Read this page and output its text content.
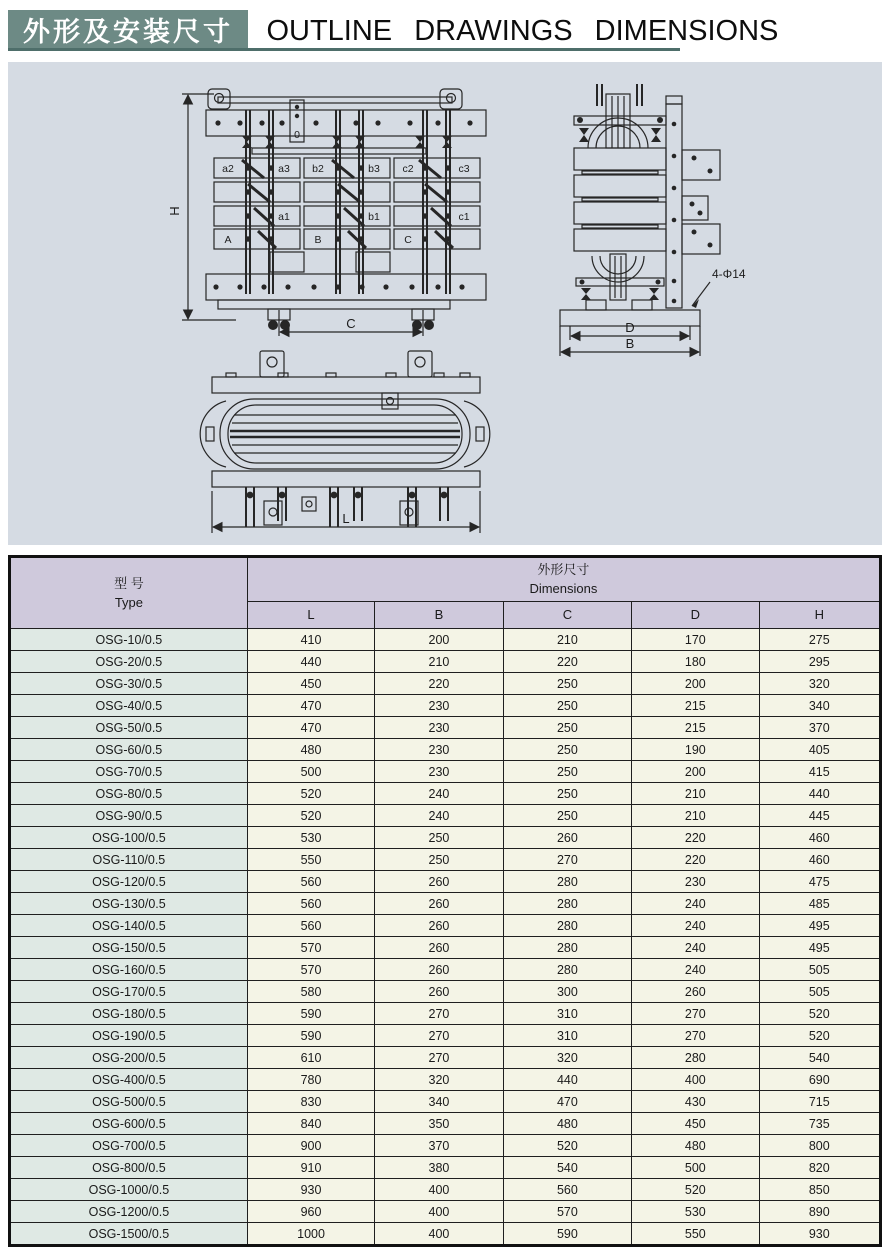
外形及安装尺寸 OUTLINE DRAWINGS DIMENSIONS
0
H
C
a2	a3 b2	b3 c2	c3
a1	b1	c1
A	B	C
4-Φ14
D
B
L
型 号
Type

外形尺寸
Dimensions

	L	B	C	D	H
OSG-10/0.5	410	200	210	170	275
OSG-20/0.5	440	210	220	180	295
OSG-30/0.5	450	220	250	200	320
OSG-40/0.5	470	230	250	215	340
OSG-50/0.5	470	230	250	215	370
OSG-60/0.5	480	230	250	190	405
OSG-70/0.5	500	230	250	200	415
OSG-80/0.5	520	240	250	210	440
OSG-90/0.5	520	240	250	210	445
OSG-100/0.5	530	250	260	220	460
OSG-110/0.5	550	250	270	220	460
OSG-120/0.5	560	260	280	230	475
OSG-130/0.5	560	260	280	240	485
OSG-140/0.5	560	260	280	240	495
OSG-150/0.5	570	260	280	240	495
OSG-160/0.5	570	260	280	240	505
OSG-170/0.5	580	260	300	260	505
OSG-180/0.5	590	270	310	270	520
OSG-190/0.5	590	270	310	270	520
OSG-200/0.5	610	270	320	280	540
OSG-400/0.5	780	320	440	400	690
OSG-500/0.5	830	340	470	430	715
OSG-600/0.5	840	350	480	450	735
OSG-700/0.5	900	370	520	480	800
OSG-800/0.5	910	380	540	500	820
OSG-1000/0.5	930	400	560	520	850
OSG-1200/0.5	960	400	570	530	890
OSG-1500/0.5	1000	400	590	550	930
